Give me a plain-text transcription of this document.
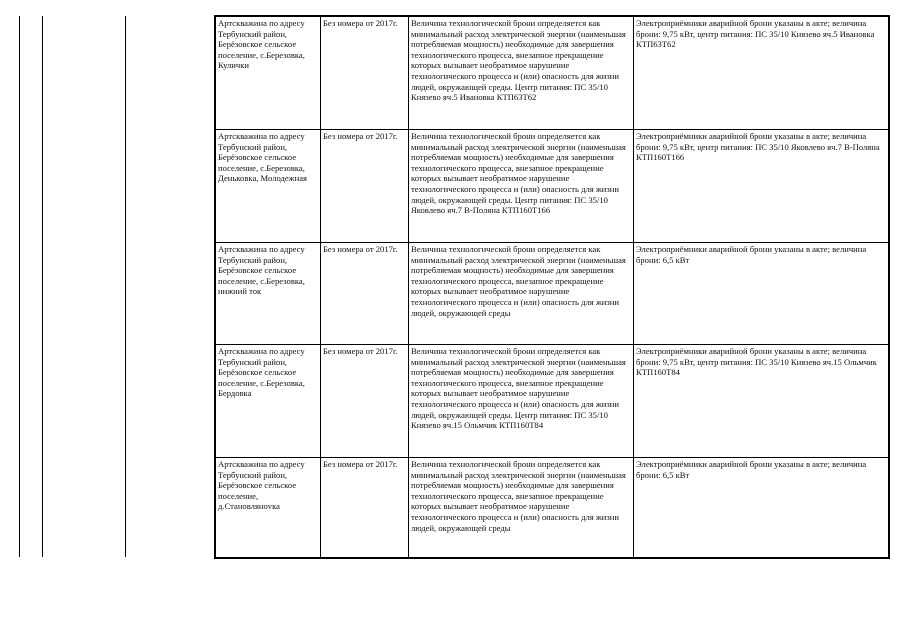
Артскважина по адресу Тербунский район, Берёзовское сельское поселение, с.Березовка, Кулички	Без номера от 2017г.	Величина технологической брони определяется как минимальный расход электрической энергии (наименьшая потребляемая мощность) необходимые для завершения технологического процесса, внезапное прекращение которых вызывает необратимое нарушение технологического процесса и (или) опасность для жизни людей, окружающей среды. Центр питания: ПС 35/10 Князево яч.5 Ивановка КТП63Т62	Электроприёмники аварийной брони указаны в акте; величина брони: 9,75 кВт, центр питания: ПС 35/10 Князево яч.5 Ивановка КТП63Т62

Артскважина по адресу Тербунский район, Берёзовское сельское поселение, с.Березовка, Деньковка, Молодежная	Без номера от 2017г.	Величина технологической брони определяется как минимальный расход электрической энергии (наименьшая потребляемая мощность) необходимые для завершения технологического процесса, внезапное прекращение которых вызывает необратимое нарушение технологического процесса и (или) опасность для жизни людей, окружающей среды. Центр питания: ПС 35/10 Яковлево яч.7 В-Поляна КТП160Т166	Электроприёмники аварийной брони указаны в акте; величина брони: 9,75 кВт, центр питания: ПС 35/10 Яковлево яч.7 В-Поляна КТП160Т166

Артскважина по адресу Тербунский район, Берёзовское сельское поселение, с.Березовка, нижний ток	Без номера от 2017г.	Величина технологической брони определяется как минимальный расход электрической энергии (наименьшая потребляемая мощность) необходимые для завершения технологического процесса, внезапное прекращение которых вызывает необратимое нарушение технологического процесса и (или) опасность для жизни людей, окружающей среды	Электроприёмники аварийной брони указаны в акте; величина брони: 6,5 кВт

Артскважина по адресу Тербунский район, Берёзовское сельское поселение, с.Березовка, Бердовка	Без номера от 2017г.	Величина технологической брони определяется как минимальный расход электрической энергии (наименьшая потребляемая мощность) необходимые для завершения технологического процесса, внезапное прекращение которых вызывает необратимое нарушение технологического процесса и (или) опасность для жизни людей, окружающей среды. Центр питания: ПС 35/10 Князево яч.15 Ольмчик КТП160Т84	Электроприёмники аварийной брони указаны в акте; величина брони: 9,75 кВт, центр питания: ПС 35/10 Князево яч.15 Ольмчик КТП160Т84

Артскважина по адресу Тербунский район, Берёзовское сельское поселение, д.Становлянovка	Без номера от 2017г.	Величина технологической брони определяется как минимальный расход электрической энергии (наименьшая потребляемая мощность) необходимые для завершения технологического процесса, внезапное прекращение которых вызывает необратимое нарушение технологического процесса и (или) опасность для жизни людей, окружающей среды	Электроприёмники аварийной брони указаны в акте; величина брони: 6,5 кВт
